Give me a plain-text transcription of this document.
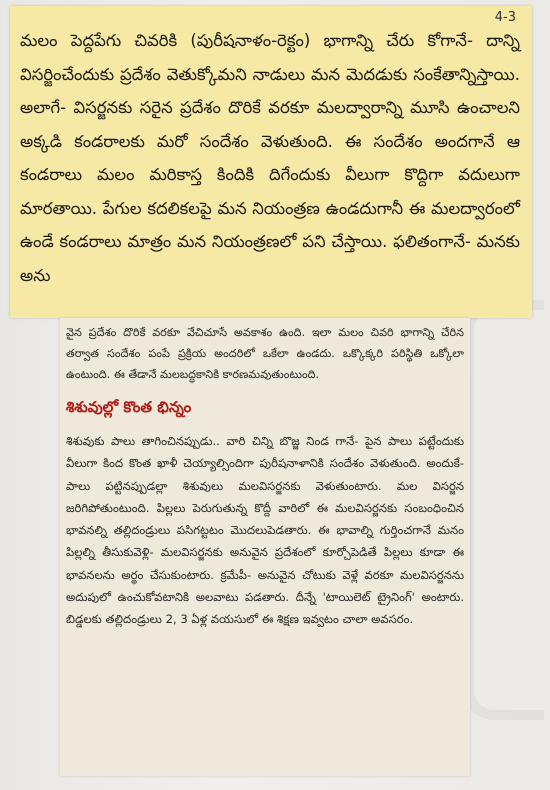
4-3
మలం పెద్దపేగు చివరికి (పురీషనాళం-రెక్టం) భాగాన్ని చేరు కోగానే- దాన్ని విసర్జించేందుకు ప్రదేశం వెతుక్కోమని నాడులు మన మెదడుకు సంకేతాన్నిస్తాయి. అలాగే- విసర్జనకు సరైన ప్రదేశం దొరికే వరకూ మలద్వారాన్ని మూసి ఉంచాలని అక్కడి కండరాలకు మరో సందేశం వెళుతుంది. ఈ సందేశం అందగానే ఆ కండరాలు మలం మరికాస్త కిందికి దిగేందుకు వీలుగా కొద్దిగా వదులుగా మారతాయి. పేగుల కదలికలపై మన నియంత్రణ ఉండదుగానీ ఈ మలద్వారంలో ఉండే కండరాలు మాత్రం మన నియంత్రణలో పని చేస్తాయి. ఫలితంగానే- మనకు అను
వైన ప్రదేశం దొరికే వరకూ వేచిచూసే అవకాశం ఉంది. ఇలా మలం చివరి భాగాన్ని చేరిన తర్వాత సందేశం పంపే ప్రక్రియ అందరిలో ఒకేలా ఉండదు. ఒక్కొక్కరి పరిస్థితి ఒక్కోలా ఉంటుంది. ఈ తేడానే మలబద్ధకానికి కారణమవుతుంటుంది.
శిశువుల్లో కొంత భిన్నం
శిశువుకు పాలు తాగించినప్పుడు.. వారి చిన్ని బొజ్జ నిండ గానే- పైన పాలు పట్టేందుకు వీలుగా కింద కొంత ఖాళీ చెయ్యాల్సిందిగా పురీషనాళానికి సందేశం వెళుతుంది. అందుకే- పాలు పట్టినప్పుడల్లా శిశువులు మలవిసర్జనకు వెళుతుంటారు. మల విసర్జన జరిగిపోతుంటుంది. పిల్లలు పెరుగుతున్న కొద్దీ వారిలో ఈ మలవిసర్జనకు సంబంధించిన భావనల్ని తల్లిదండ్రులు పసిగట్టటం మొదలుపెడతారు. ఈ భావాల్ని గుర్తించగానే మనం పిల్లల్ని తీసుకువెళ్లి- మలవిసర్జనకు అనువైన ప్రదేశంలో కూర్చోపెడితే పిల్లలు కూడా ఈ భావనలను అర్థం చేసుకుంటారు. క్రమేపీ- అనువైన చోటుకు వెళ్లే వరకూ మలవిసర్జనను అదుపులో ఉంచుకోవటానికి అలవాటు పడతారు. దీన్నే 'టాయిలెట్ ట్రైనింగ్' అంటారు. బిడ్డలకు తల్లిదండ్రులు 2, 3 ఏళ్ల వయసులో ఈ శిక్షణ ఇవ్వటం చాలా అవసరం.
